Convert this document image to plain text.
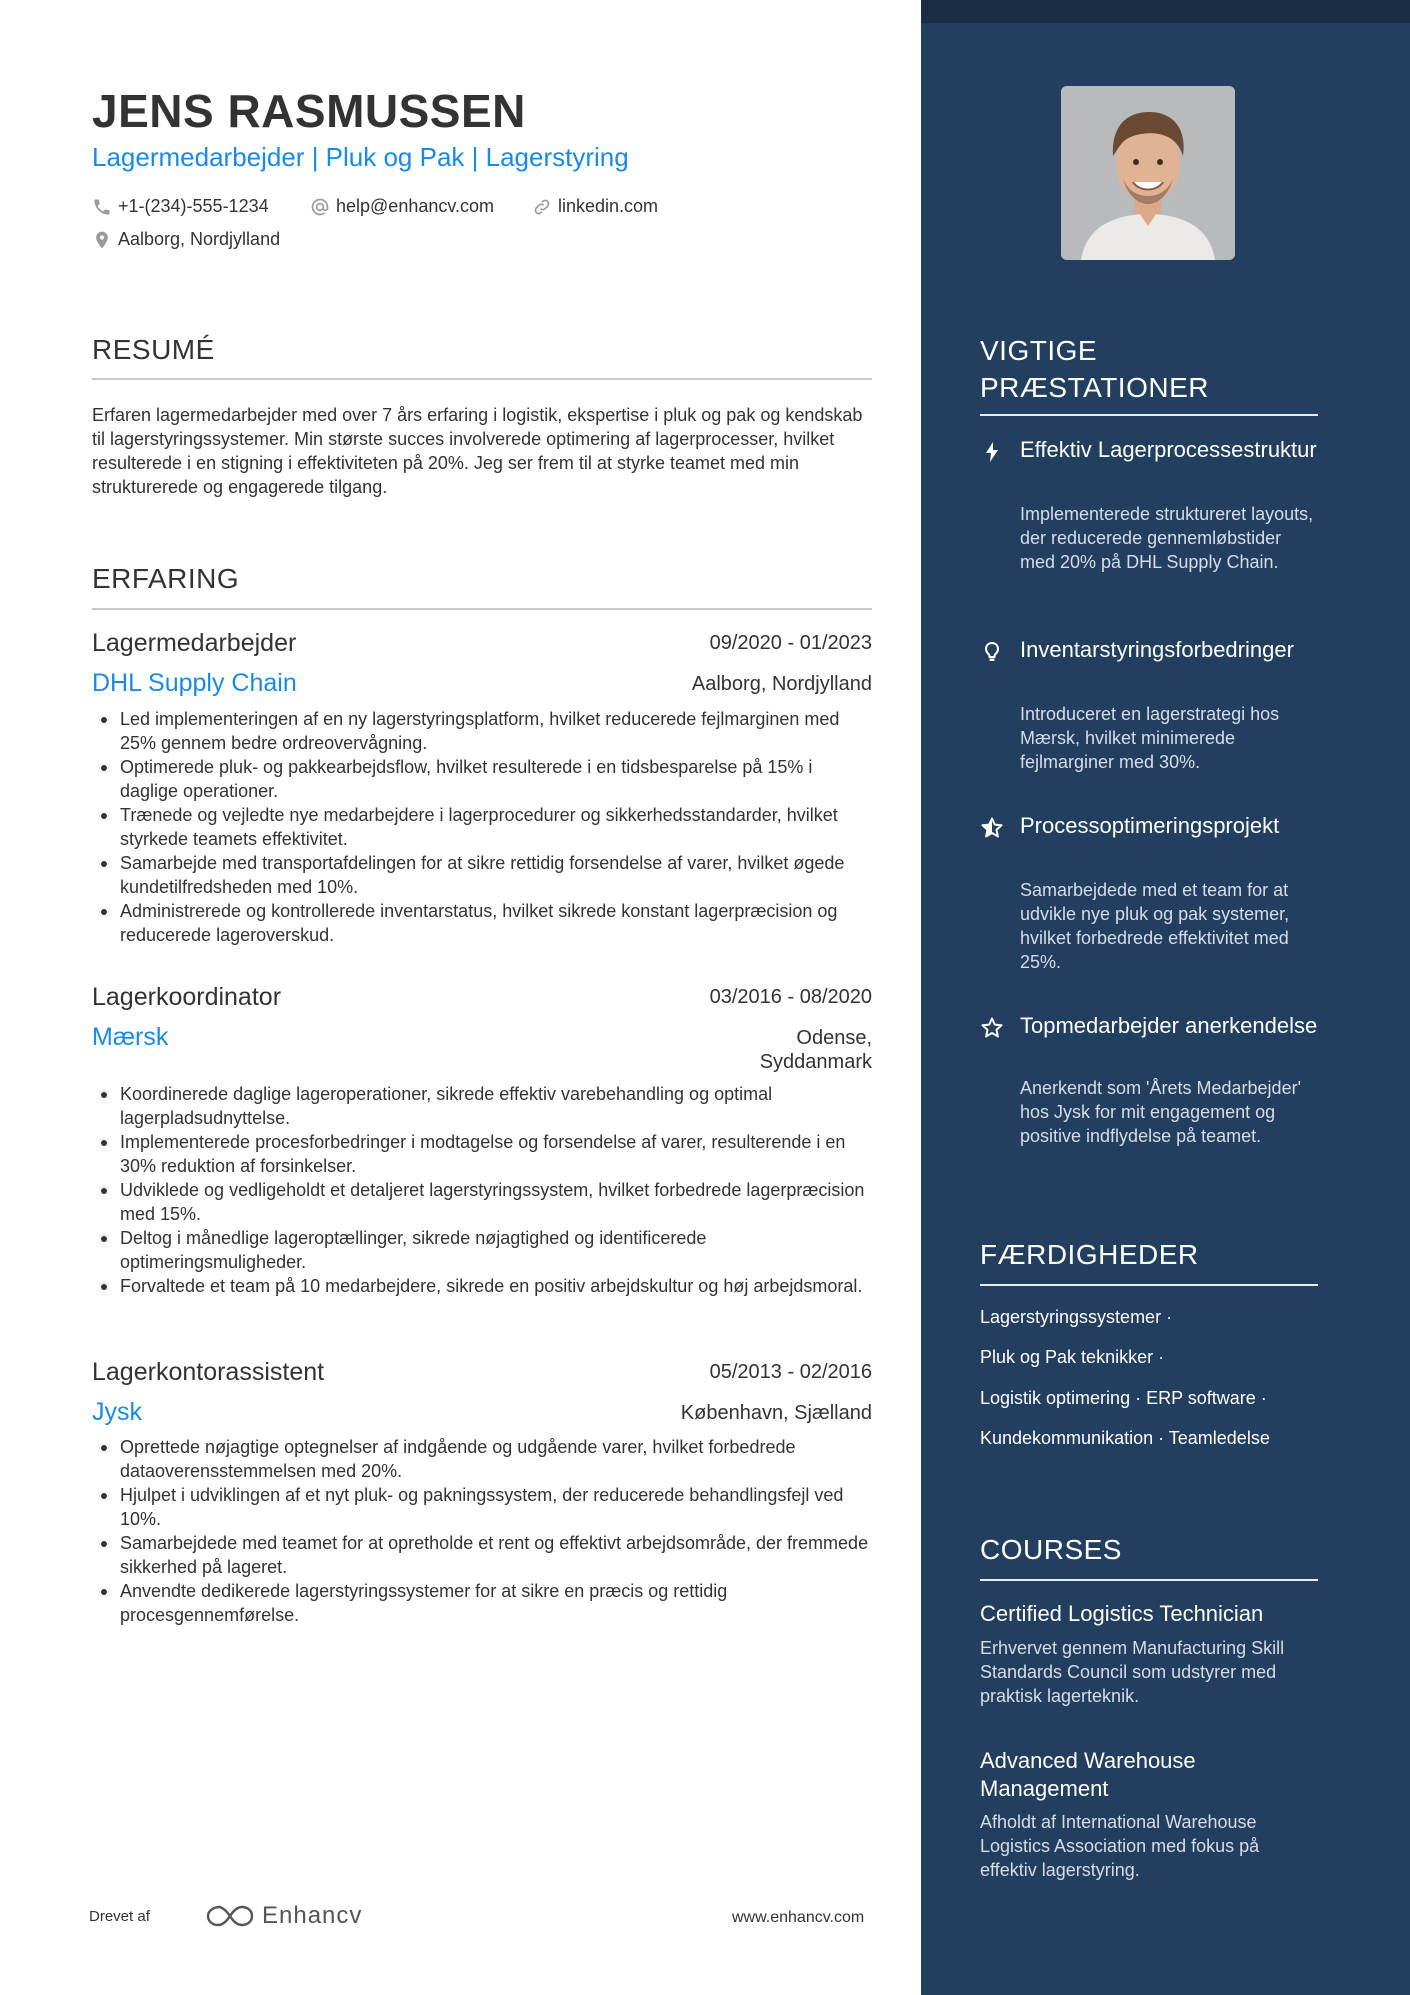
JENS RASMUSSEN
Lagermedarbejder | Pluk og Pak | Lagerstyring
+1-(234)-555-1234	help@enhancv.com	linkedin.com
Aalborg, Nordjylland
RESUMÉ
Erfaren lagermedarbejder med over 7 års erfaring i logistik, ekspertise i pluk og pak og kendskab til lagerstyringssystemer. Min største succes involverede optimering af lagerprocesser, hvilket resulterede i en stigning i effektiviteten på 20%. Jeg ser frem til at styrke teamet med min strukturerede og engagerede tilgang.
ERFARING
Lagermedarbejder	09/2020 - 01/2023
DHL Supply Chain	Aalborg, Nordjylland
Led implementeringen af en ny lagerstyringsplatform, hvilket reducerede fejlmarginen med 25% gennem bedre ordreovervågning.
Optimerede pluk- og pakkearbejdsflow, hvilket resulterede i en tidsbesparelse på 15% i daglige operationer.
Trænede og vejledte nye medarbejdere i lagerprocedurer og sikkerhedsstandarder, hvilket styrkede teamets effektivitet.
Samarbejde med transportafdelingen for at sikre rettidig forsendelse af varer, hvilket øgede kundetilfredsheden med 10%.
Administrerede og kontrollerede inventarstatus, hvilket sikrede konstant lagerpræcision og reducerede lageroverskud.
Lagerkoordinator	03/2016 - 08/2020
Mærsk	Odense,
Syddanmark
Koordinerede daglige lageroperationer, sikrede effektiv varebehandling og optimal lagerpladsudnyttelse.
Implementerede procesforbedringer i modtagelse og forsendelse af varer, resulterende i en 30% reduktion af forsinkelser.
Udviklede og vedligeholdt et detaljeret lagerstyringssystem, hvilket forbedrede lagerpræcision med 15%.
Deltog i månedlige lageroptællinger, sikrede nøjagtighed og identificerede optimeringsmuligheder.
Forvaltede et team på 10 medarbejdere, sikrede en positiv arbejdskultur og høj arbejdsmoral.
Lagerkontorassistent	05/2013 - 02/2016
Jysk	København, Sjælland
Oprettede nøjagtige optegnelser af indgående og udgående varer, hvilket forbedrede dataoverensstemmelsen med 20%.
Hjulpet i udviklingen af et nyt pluk- og pakningssystem, der reducerede behandlingsfejl ved 10%.
Samarbejdede med teamet for at opretholde et rent og effektivt arbejdsområde, der fremmede sikkerhed på lageret.
Anvendte dedikerede lagerstyringssystemer for at sikre en præcis og rettidig procesgennemførelse.
Drevet af	Enhancv	www.enhancv.com
VIGTIGE
PRÆSTATIONER
Effektiv Lagerprocessestruktur
Implementerede struktureret layouts, der reducerede gennemløbstider med 20% på DHL Supply Chain.
Inventarstyringsforbedringer
Introduceret en lagerstrategi hos Mærsk, hvilket minimerede fejlmarginer med 30%.
Processoptimeringsprojekt
Samarbejdede med et team for at udvikle nye pluk og pak systemer, hvilket forbedrede effektivitet med 25%.
Topmedarbejder anerkendelse
Anerkendt som 'Årets Medarbejder' hos Jysk for mit engagement og positive indflydelse på teamet.
FÆRDIGHEDER
Lagerstyringssystemer ·
Pluk og Pak teknikker ·
Logistik optimering · ERP software ·
Kundekommunikation · Teamledelse
COURSES
Certified Logistics Technician
Erhvervet gennem Manufacturing Skill Standards Council som udstyrer med praktisk lagerteknik.
Advanced Warehouse Management
Afholdt af International Warehouse Logistics Association med fokus på effektiv lagerstyring.
